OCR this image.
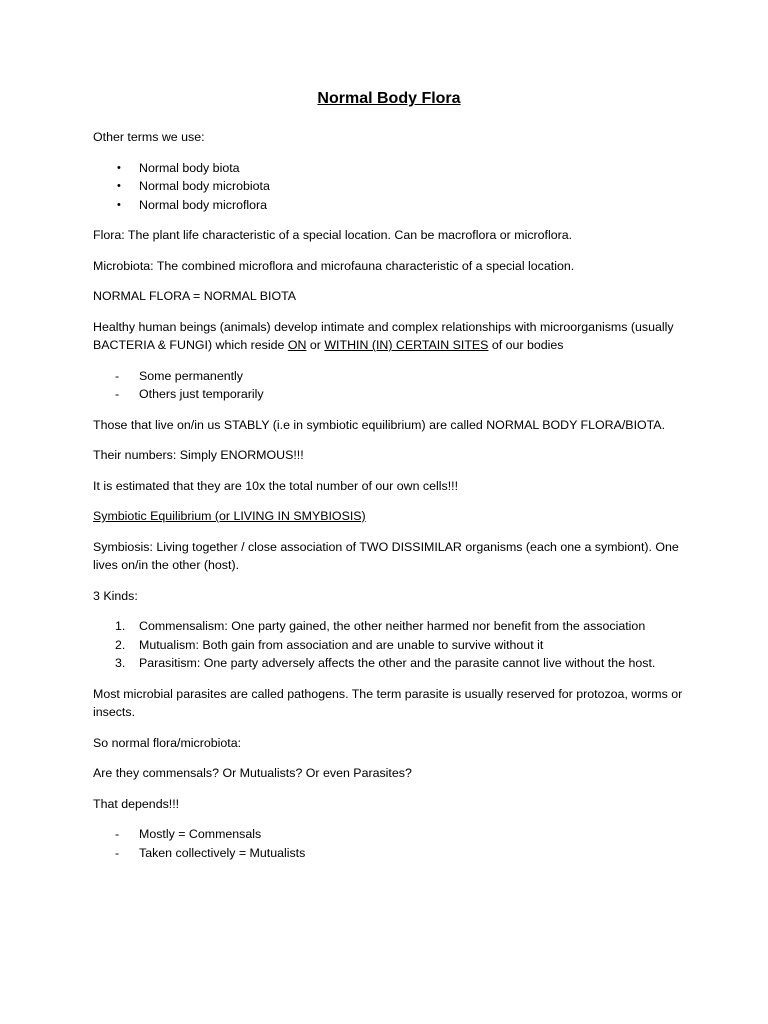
Normal Body Flora

Other terms we use:

• Normal body biota
• Normal body microbiota
• Normal body microflora

Flora: The plant life characteristic of a special location. Can be macroflora or microflora.

Microbiota: The combined microflora and microfauna characteristic of a special location.

NORMAL FLORA = NORMAL BIOTA

Healthy human beings (animals) develop intimate and complex relationships with microorganisms (usually BACTERIA & FUNGI) which reside ON or WITHIN (IN) CERTAIN SITES of our bodies

- Some permanently
- Others just temporarily

Those that live on/in us STABLY (i.e in symbiotic equilibrium) are called NORMAL BODY FLORA/BIOTA.

Their numbers: Simply ENORMOUS!!!

It is estimated that they are 10x the total number of our own cells!!!

Symbiotic Equilibrium (or LIVING IN SMYBIOSIS)

Symbiosis: Living together / close association of TWO DISSIMILAR organisms (each one a symbiont). One lives on/in the other (host).

3 Kinds:

1. Commensalism: One party gained, the other neither harmed nor benefit from the association
2. Mutualism: Both gain from association and are unable to survive without it
3. Parasitism: One party adversely affects the other and the parasite cannot live without the host.

Most microbial parasites are called pathogens. The term parasite is usually reserved for protozoa, worms or insects.

So normal flora/microbiota:

Are they commensals? Or Mutualists? Or even Parasites?

That depends!!!

- Mostly = Commensals
- Taken collectively = Mutualists
